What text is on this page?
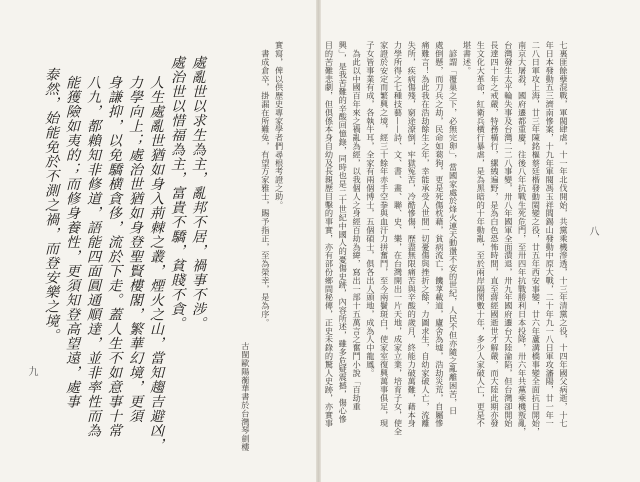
七裏匪餘孽混戰，軍閥肆虐，十一年北伐開始，共黨乘機滲透，十三年清黨之役，十四年國父病逝，十七
年日本發動五三濟南慘案，十九年軍閥馮玉祥閻錫山發動中原大戰，二十年九一八日軍攻瀋陽，廿一年一
二八日軍攻上海，廿三年陳銘樞蔡廷楷發動閩變之役，廿五年西安事變，廿六年蘆溝橋事變全面抗日開始，
南京大屠殺，國府遷都重慶，往後八年抗戰生死危門，至卅四年抗戰勝利日本投降，卅六年共黨乘機叛亂，
台灣發生太平輪失事及台灣二二八事變，卅八年國軍全面潰退，卅九年國府遷台大陸淪陷，但台灣卻開始
長達四十年之戒嚴，特務橫行，縲絏遍野，是為白色恐怖時間，直至蔣經國逝世才解嚴，而大陸此期亦發
生文化大革命，紅衛兵橫行暴虐，是為黑暗的十年動亂，至於兩岸隔閡數十年，多少人家破人亡，更是不
堪書述。
　諺謂「覆巢之下，必無完卵」，當國家處於烽火連天動盪不安的世紀，人民不但亦隨之亂離困苦，日
處倒懸，而刀兵之劫，民命如蒭狗，更是死傷枕藉，貧病流亡，饑莩載道，廬舍為墟，浩劫災荒，自屬慘
痛難言！為此我在浩劫餘生之年，幸能承受人世間一切憂傷與挫折之餘，力圖求生，自幼家破人亡，流離
失所，疾病傷殘，窮途潦倒，牢獄冤苦，冷酷慘傷，歷盡無限痛苦與辛酸的歲月，終能力破萬難，藉本身
力學所得之七種技藝——詩、文、書、畫、聯、史、樂，在台灣開出一片天地，成家立業，培育子女，使全
家證於安定而繁興之境，經三十餘年赤手空拳與血汗力拼奮鬥，至今兩鬢斑白，使家室復興萬事俱足，現
子女皆事業有成，各執牛耳，全家有兩個博士，五個碩士，俱各出人頭地，成為人中龍鳳。
　為此以中國百年來之禍亂為經，以我個人之身經百劫為緯，寫出一部十五萬言之奮鬥小說「百劫重
興」，是我苦難的辛酸回憶錄，同時也是二十世紀中國人的憂傷史跡，內容所述，雖多危疑震撼，傷心慘
目的苦難悲劇，但俱係本身自幼及長親歷目擊的事實，亦有部份鄉間秘傳，正史未錄的驚人史跡，亦實事	八
實寫，俾以供歷史專家學者們尋根考證之助。
　書成倉卒，掛漏在所難免，有望方家雅士，賜予指正，至為榮幸，是為序。
古閩歐陽蘅華書於台灣琴劍樓
九
處亂世以求生為主，亂邦不居，禍事不涉。
處治世以惜福為主，富貴不驕，貧賤不貪。
人生處亂世猶如身入荊棘之叢，煙火之山，當知趨吉避凶，
力學向上；處治世猶如身登聖賢樓閣，繁華幻境，更須
身謙抑，以免驕横貪侈，流於下走。蓋人生不如意事十常
八九，都賴知非修道，語能四面圓通順達，並非率性而為
能獲險如夷的；而修身養性，更須知登高望遠，處事
泰然，始能免於不測之禍，而登安樂之境。
